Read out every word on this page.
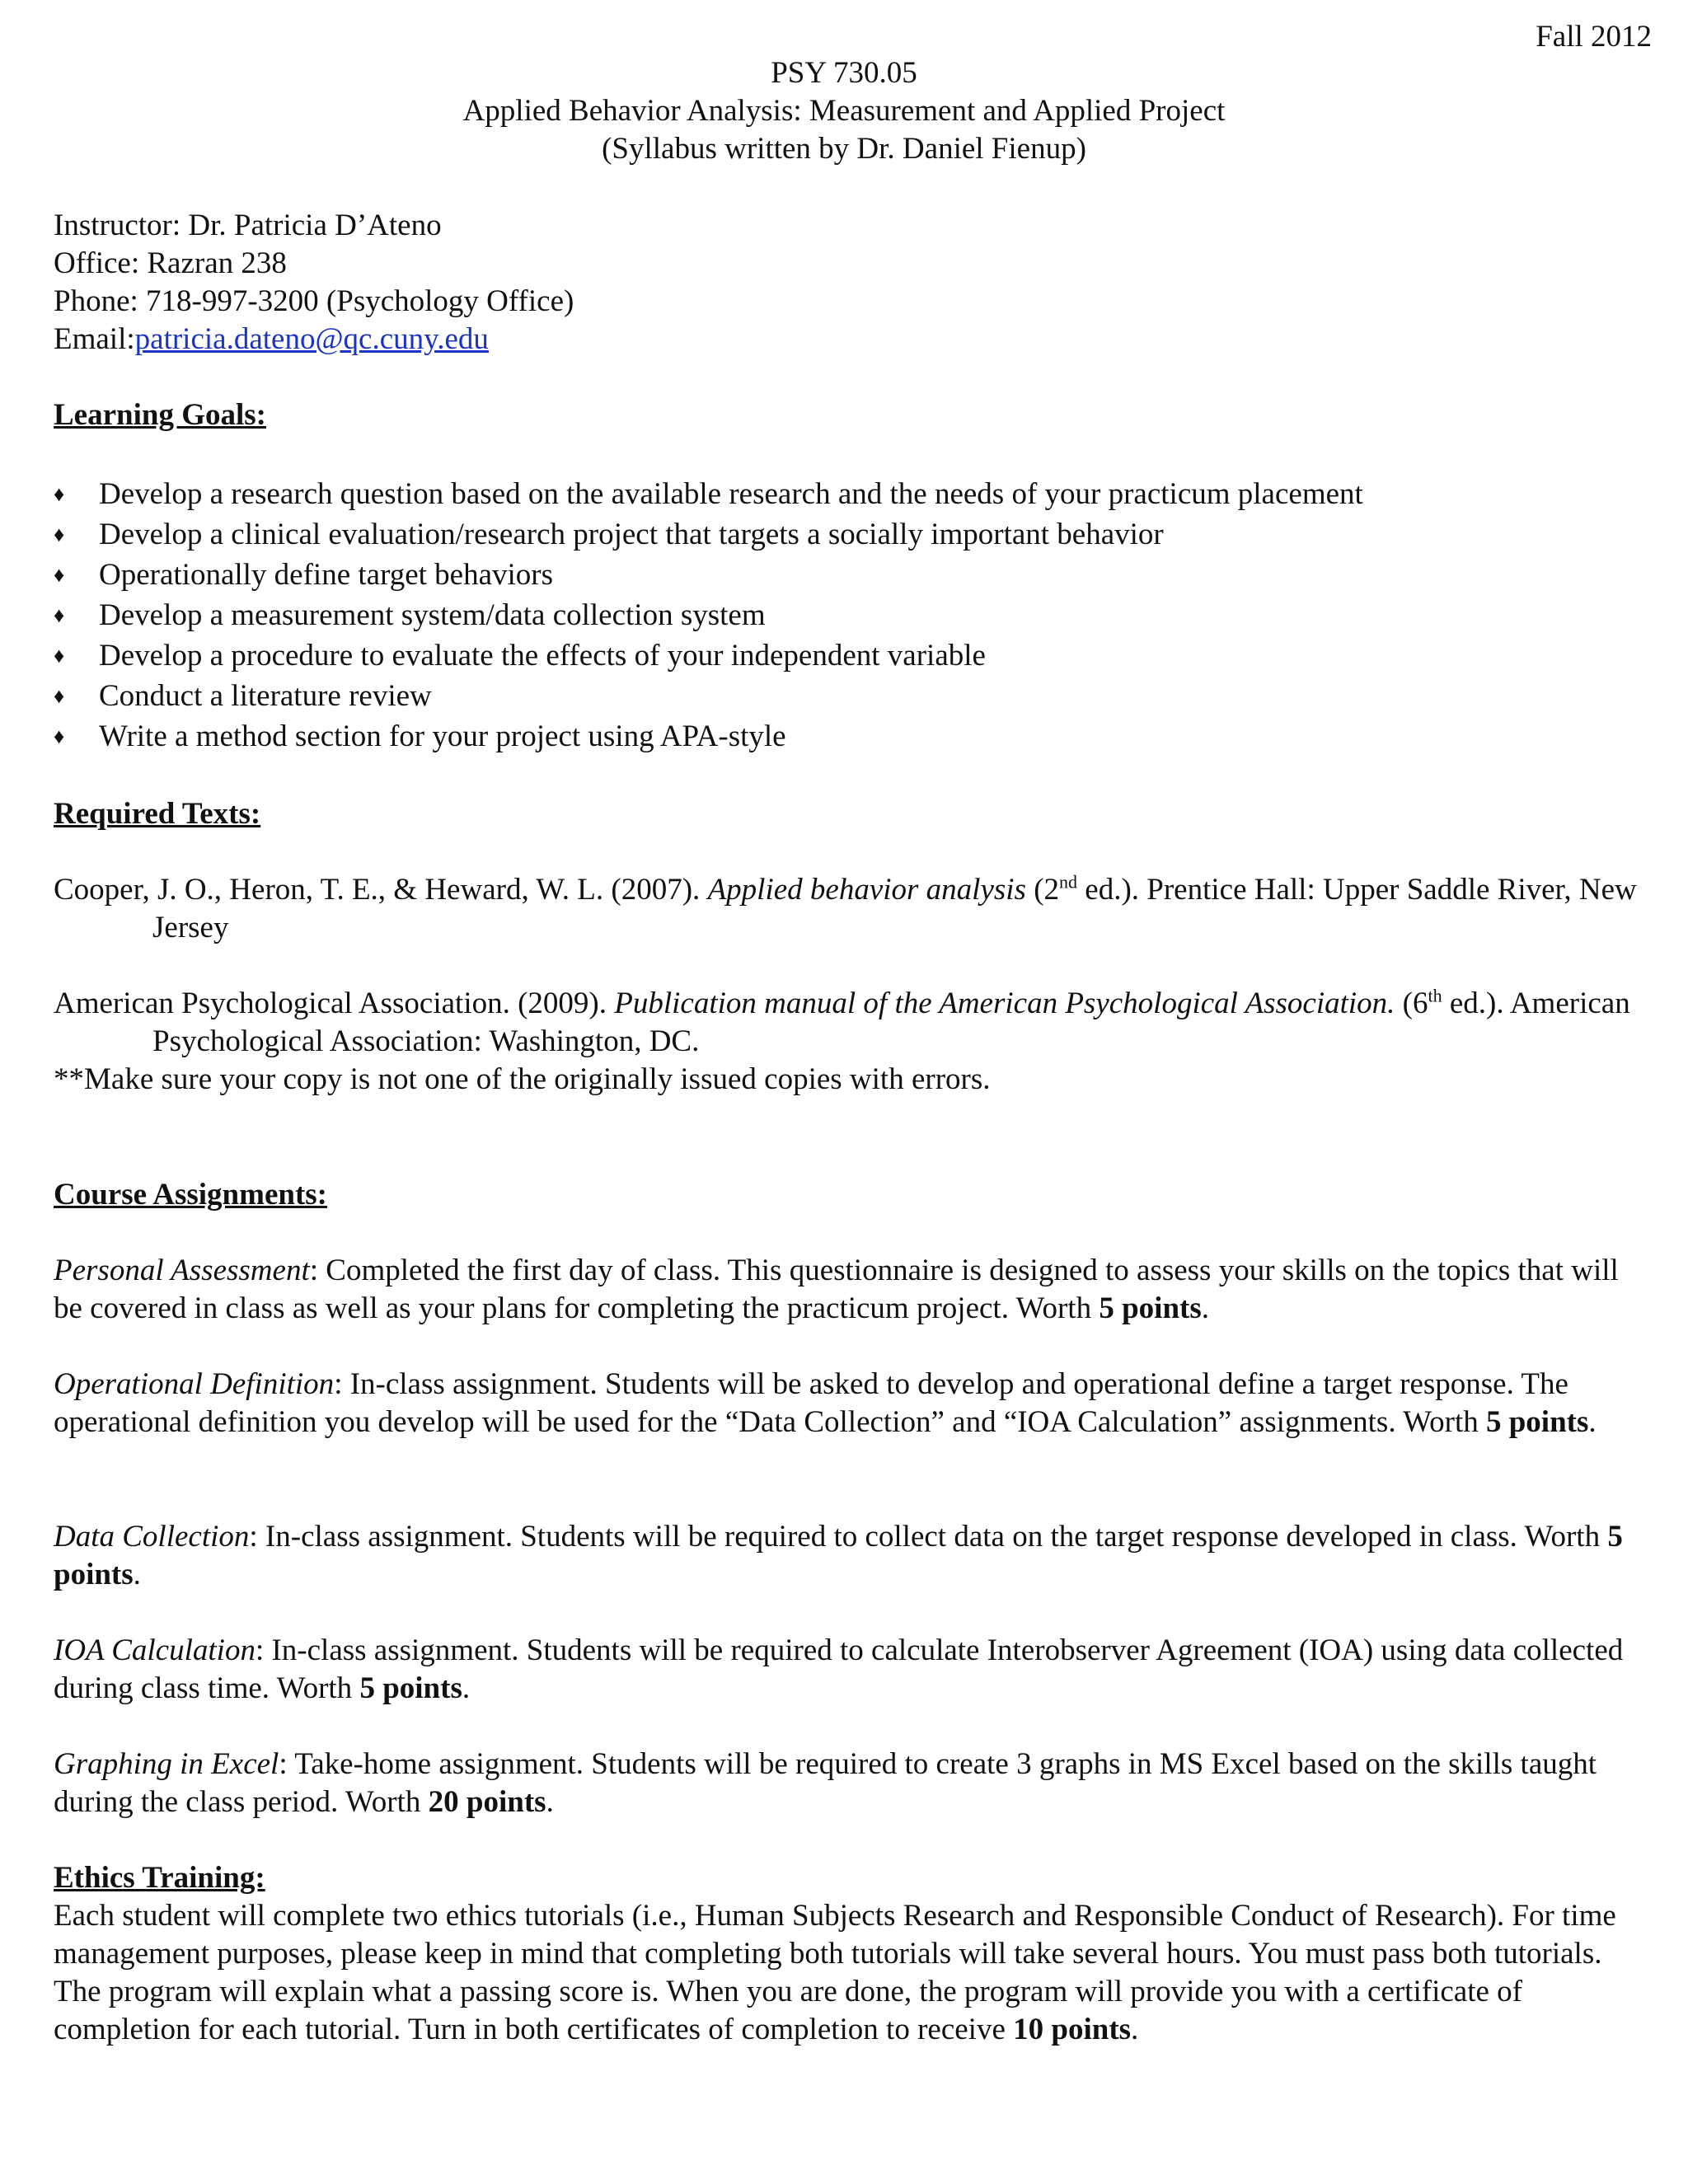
Fall 2012
PSY 730.05
Applied Behavior Analysis: Measurement and Applied Project
(Syllabus written by Dr. Daniel Fienup)
Instructor: Dr. Patricia D’Ateno
Office: Razran 238
Phone: 718-997-3200 (Psychology Office)
Email:patricia.dateno@qc.cuny.edu
Learning Goals:
♦ Develop a research question based on the available research and the needs of your practicum placement
♦ Develop a clinical evaluation/research project that targets a socially important behavior
♦ Operationally define target behaviors
♦ Develop a measurement system/data collection system
♦ Develop a procedure to evaluate the effects of your independent variable
♦ Conduct a literature review
♦ Write a method section for your project using APA-style
Required Texts:
Cooper, J. O., Heron, T. E., & Heward, W. L. (2007). Applied behavior analysis (2nd ed.). Prentice Hall: Upper Saddle River, New Jersey
American Psychological Association. (2009). Publication manual of the American Psychological Association. (6th ed.). American Psychological Association: Washington, DC.
**Make sure your copy is not one of the originally issued copies with errors.
Course Assignments:
Personal Assessment: Completed the first day of class. This questionnaire is designed to assess your skills on the topics that will be covered in class as well as your plans for completing the practicum project. Worth 5 points.
Operational Definition: In-class assignment. Students will be asked to develop and operational define a target response. The operational definition you develop will be used for the “Data Collection” and “IOA Calculation” assignments. Worth 5 points.
Data Collection: In-class assignment. Students will be required to collect data on the target response developed in class. Worth 5 points.
IOA Calculation: In-class assignment. Students will be required to calculate Interobserver Agreement (IOA) using data collected during class time. Worth 5 points.
Graphing in Excel: Take-home assignment. Students will be required to create 3 graphs in MS Excel based on the skills taught during the class period. Worth 20 points.
Ethics Training:
Each student will complete two ethics tutorials (i.e., Human Subjects Research and Responsible Conduct of Research). For time management purposes, please keep in mind that completing both tutorials will take several hours. You must pass both tutorials. The program will explain what a passing score is. When you are done, the program will provide you with a certificate of completion for each tutorial. Turn in both certificates of completion to receive 10 points.
